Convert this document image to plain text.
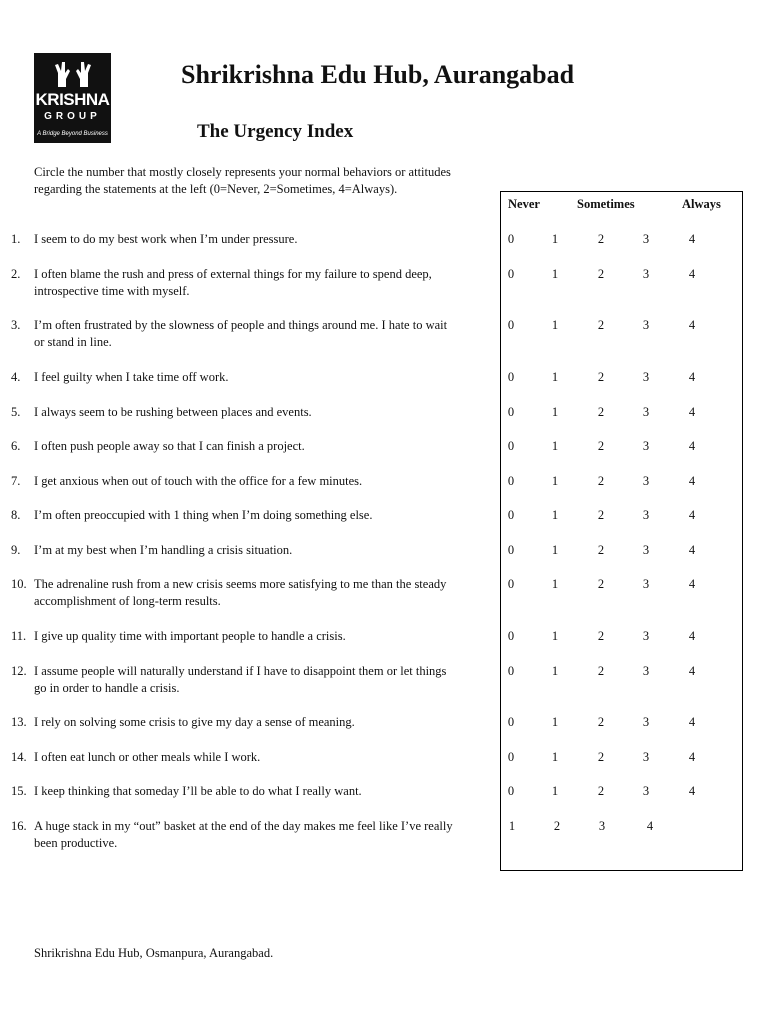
KRISHNA
GROUP
A Bridge Beyond Business
Shrikrishna Edu Hub, Aurangabad
The Urgency Index
Circle the number that mostly closely represents your normal behaviors or attitudes regarding the statements at the left (0=Never, 2=Sometimes, 4=Always).
Never	Sometimes	Always
1.	I seem to do my best work when I’m under pressure.	0	1	2	3	4
2.	I often blame the rush and press of external things for my failure to spend deep, introspective time with myself.
0	1	2	3	4
3.	I’m often frustrated by the slowness of people and things around me. I hate to wait or stand in line.
0	1	2	3	4
4.	I feel guilty when I take time off work.	0	1	2	3	4
5.	I always seem to be rushing between places and events.	0	1	2	3	4
6.	I often push people away so that I can finish a project.	0	1	2	3	4
7.	I get anxious when out of touch with the office for a few minutes.	0	1	2	3	4
8.	I’m often preoccupied with 1 thing when I’m doing something else.	0	1	2	3	4
9.	I’m at my best when I’m handling a crisis situation.	0	1	2	3	4
10. The adrenaline rush from a new crisis seems more satisfying to me than the steady accomplishment of long-term results.
0	1	2	3	4
11. I give up quality time with important people to handle a crisis.	0	1	2	3	4
12. I assume people will naturally understand if I have to disappoint them or let things go in order to handle a crisis.
0	1	2	3	4
13. I rely on solving some crisis to give my day a sense of meaning.	0	1	2	3	4
14. I often eat lunch or other meals while I work.	0	1	2	3	4
15. I keep thinking that someday I’ll be able to do what I really want.	0	1	2	3	4
16. A huge stack in my “out” basket at the end of the day makes me feel like I’ve really been productive.
1	2	3	4
Shrikrishna Edu Hub, Osmanpura, Aurangabad.
